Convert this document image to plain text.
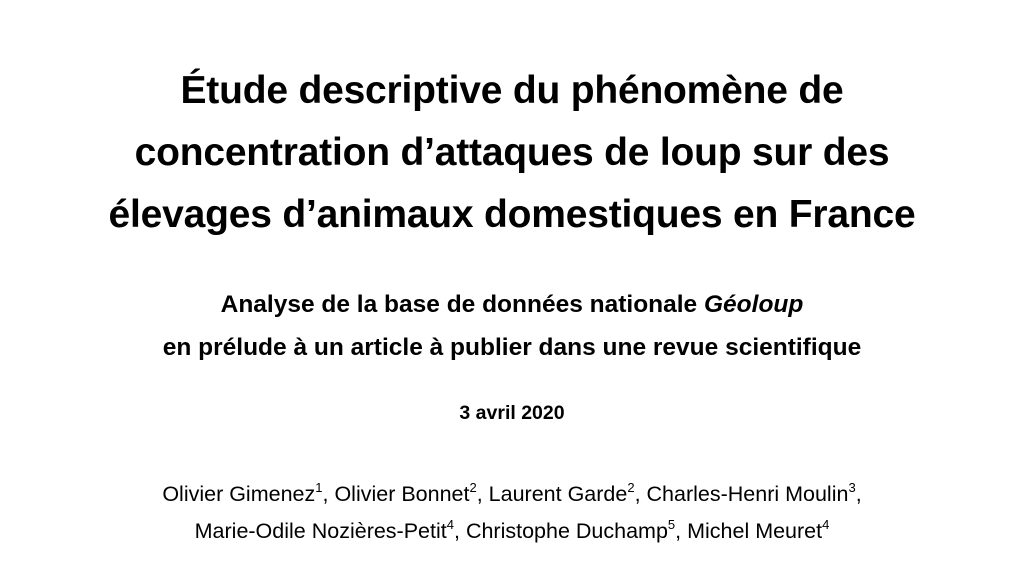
Étude descriptive du phénomène de
concentration d’attaques de loup sur des
élevages d’animaux domestiques en France
Analyse de la base de données nationale Géoloup
en prélude à un article à publier dans une revue scientifique
3 avril 2020
Olivier Gimenez$^1$, Olivier Bonnet$^2$, Laurent Garde$^2$, Charles-Henri Moulin$^3$,
Marie-Odile Nozières-Petit$^4$, Christophe Duchamp$^5$, Michel Meuret$^4$
